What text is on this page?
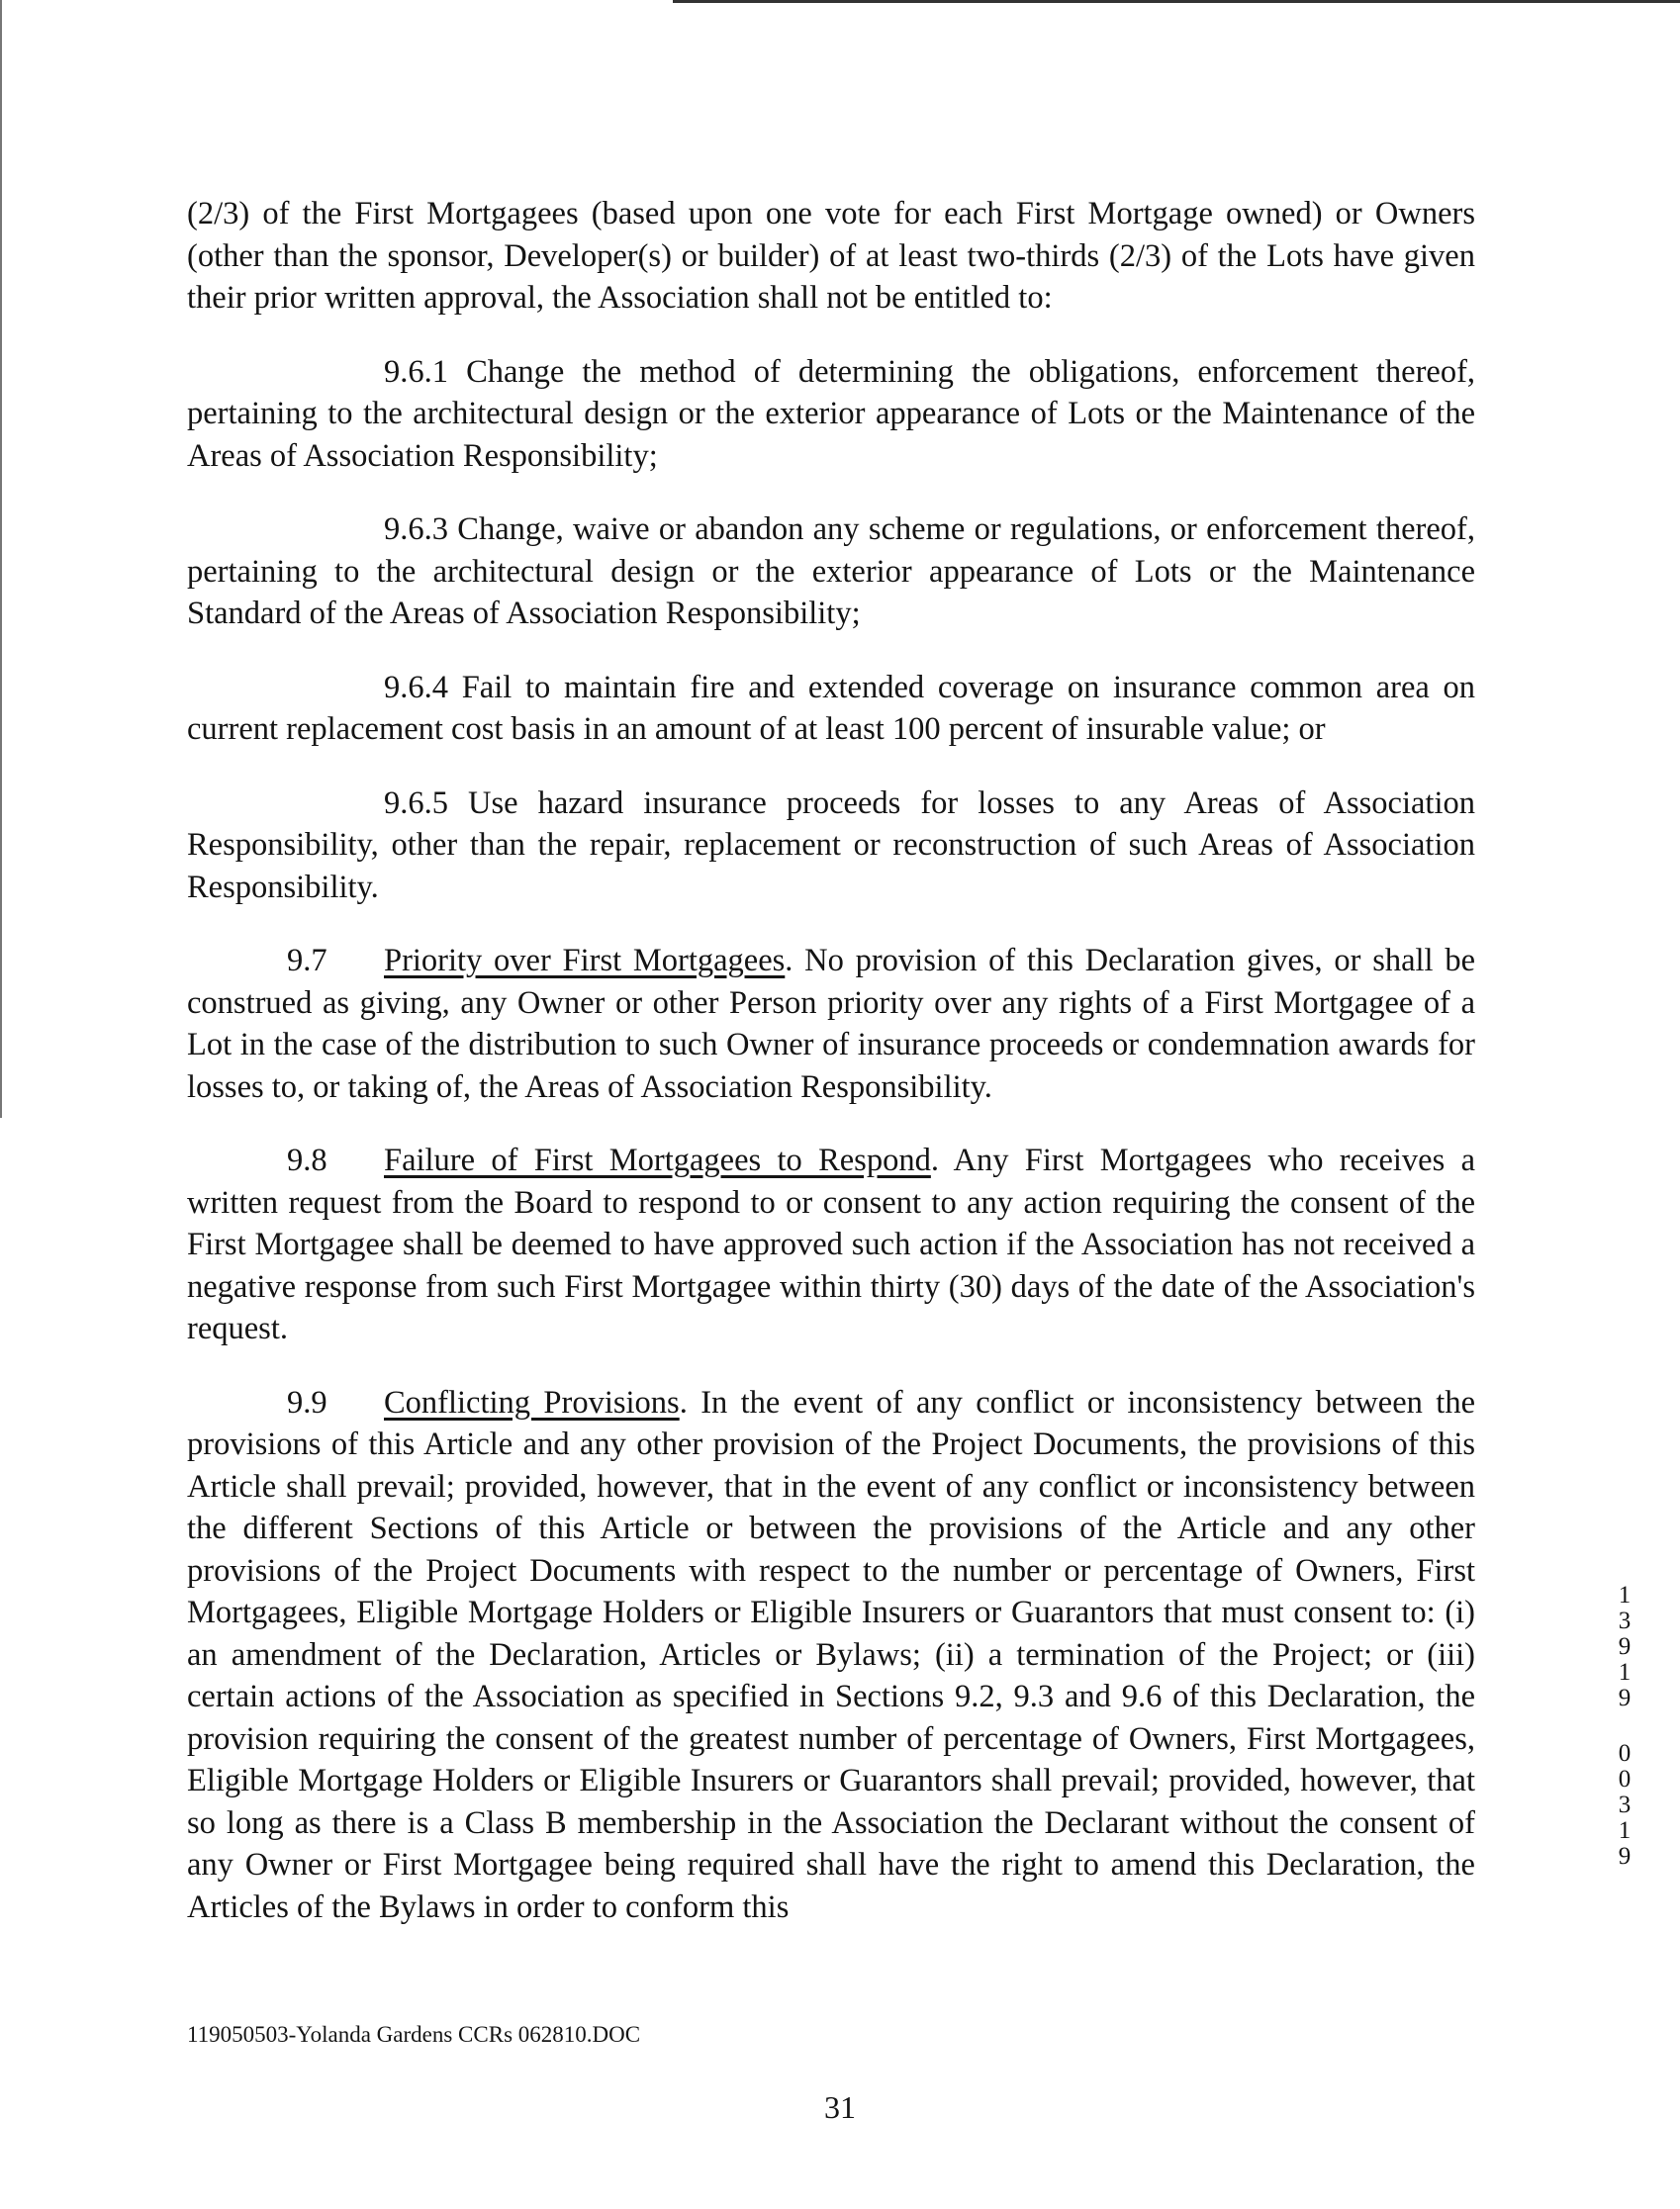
(2/3) of the First Mortgagees (based upon one vote for each First Mortgage owned) or Owners (other than the sponsor, Developer(s) or builder) of at least two-thirds (2/3) of the Lots have given their prior written approval, the Association shall not be entitled to:

9.6.1 Change the method of determining the obligations, enforcement thereof, pertaining to the architectural design or the exterior appearance of Lots or the Maintenance of the Areas of Association Responsibility;

9.6.3 Change, waive or abandon any scheme or regulations, or enforcement thereof, pertaining to the architectural design or the exterior appearance of Lots or the Maintenance Standard of the Areas of Association Responsibility;

9.6.4 Fail to maintain fire and extended coverage on insurance common area on current replacement cost basis in an amount of at least 100 percent of insurable value; or

9.6.5 Use hazard insurance proceeds for losses to any Areas of Association Responsibility, other than the repair, replacement or reconstruction of such Areas of Association Responsibility.

9.7 Priority over First Mortgagees. No provision of this Declaration gives, or shall be construed as giving, any Owner or other Person priority over any rights of a First Mortgagee of a Lot in the case of the distribution to such Owner of insurance proceeds or condemnation awards for losses to, or taking of, the Areas of Association Responsibility.

9.8 Failure of First Mortgagees to Respond. Any First Mortgagees who receives a written request from the Board to respond to or consent to any action requiring the consent of the First Mortgagee shall be deemed to have approved such action if the Association has not received a negative response from such First Mortgagee within thirty (30) days of the date of the Association's request.

9.9 Conflicting Provisions. In the event of any conflict or inconsistency between the provisions of this Article and any other provision of the Project Documents, the provisions of this Article shall prevail; provided, however, that in the event of any conflict or inconsistency between the different Sections of this Article or between the provisions of the Article and any other provisions of the Project Documents with respect to the number or percentage of Owners, First Mortgagees, Eligible Mortgage Holders or Eligible Insurers or Guarantors that must consent to: (i) an amendment of the Declaration, Articles or Bylaws; (ii) a termination of the Project; or (iii) certain actions of the Association as specified in Sections 9.2, 9.3 and 9.6 of this Declaration, the provision requiring the consent of the greatest number of percentage of Owners, First Mortgagees, Eligible Mortgage Holders or Eligible Insurers or Guarantors shall prevail; provided, however, that so long as there is a Class B membership in the Association the Declarant without the consent of any Owner or First Mortgagee being required shall have the right to amend this Declaration, the Articles of the Bylaws in order to conform this

119050503-Yolanda Gardens CCRs 062810.DOC
31
1
3
9
1
9
0
0
3
1
9
